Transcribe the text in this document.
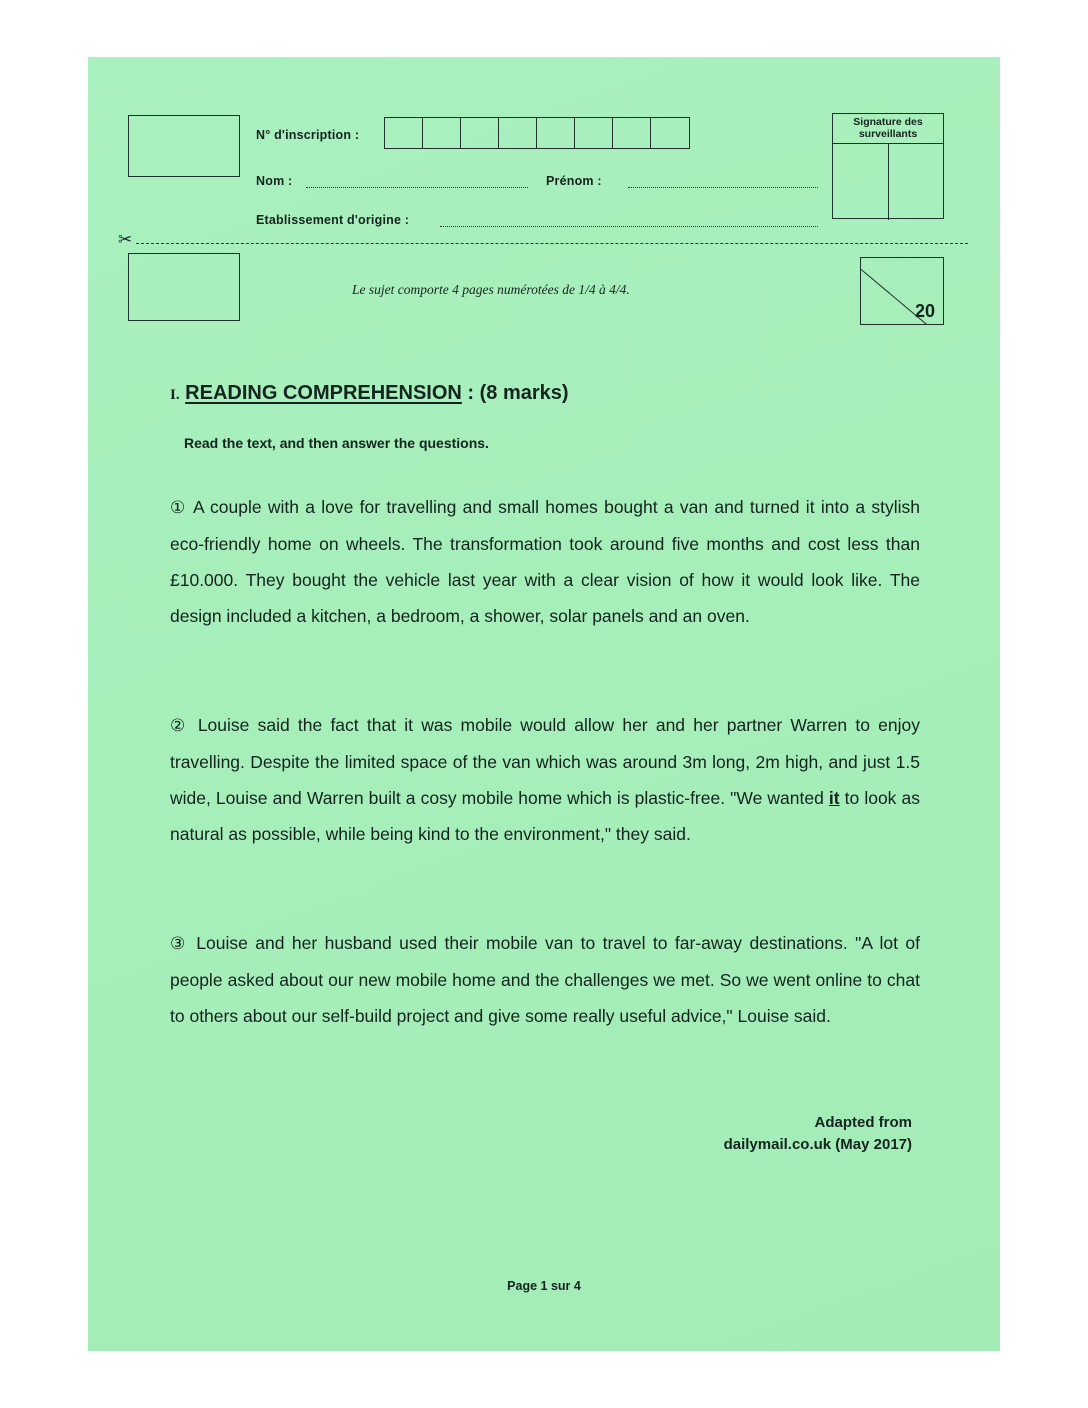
N° d'inscription :
Nom :	Prénom :
Etablissement d'origine :
Signature des
surveillants
✂
Le sujet comporte 4 pages numérotées de 1/4 à 4/4.
20
I. READING COMPREHENSION : (8 marks)
Read the text, and then answer the questions.
① A couple with a love for travelling and small homes bought a van and turned it into a stylish eco-friendly home on wheels. The transformation took around five months and cost less than £10.000. They bought the vehicle last year with a clear vision of how it would look like. The design included a kitchen, a bedroom, a shower, solar panels and an oven.
② Louise said the fact that it was mobile would allow her and her partner Warren to enjoy travelling. Despite the limited space of the van which was around 3m long, 2m high, and just 1.5 wide, Louise and Warren built a cosy mobile home which is plastic-free. "We wanted it to look as natural as possible, while being kind to the environment," they said.
③ Louise and her husband used their mobile van to travel to far-away destinations. "A lot of people asked about our new mobile home and the challenges we met. So we went online to chat to others about our self-build project and give some really useful advice," Louise said.
Adapted from
dailymail.co.uk (May 2017)
Page 1 sur 4
